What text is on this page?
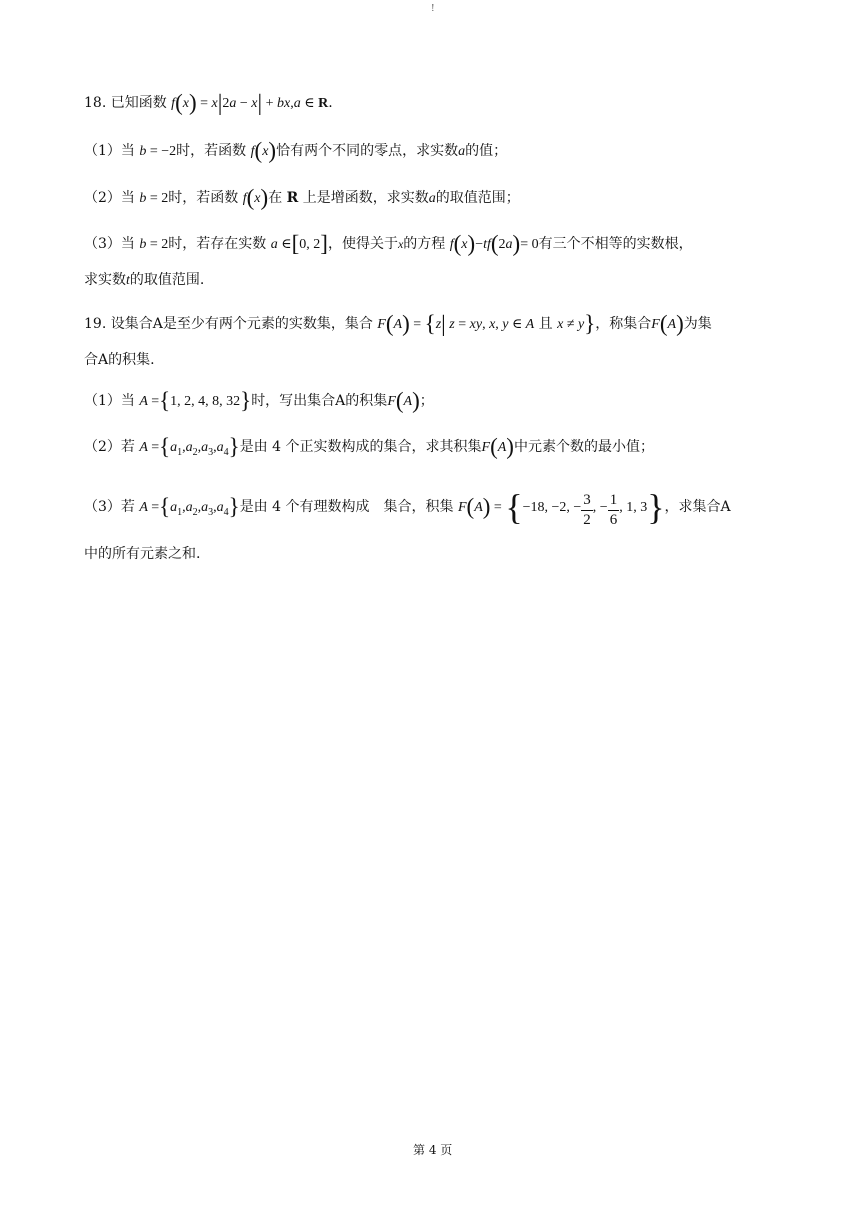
!
18. 已知函数 f(x) = x|2a − x| + bx,a ∈ R.
（1）当 b = −2时，若函数 f(x)恰有两个不同的零点，求实数a的值；
（2）当 b = 2时，若函数 f(x)在 R 上是增函数，求实数a的取值范围；
（3）当 b = 2时，若存在实数 a ∈[0, 2]，使得关于x的方程 f(x)−tf(2a)= 0有三个不相等的实数根，
求实数t的取值范围.
19. 设集合A是至少有两个元素的实数集，集合 F(A) = {z| z = xy, x, y ∈ A 且 x ≠ y}，称集合F(A)为集
合A的积集.
（1）当 A ={1, 2, 4, 8, 32}时，写出集合A的积集F(A)；
（2）若 $A =\{a_1,a_2,a_3,a_4\}$是由 4 个正实数构成的集合，求其积集F(A)中元素个数的最小值；
（3）若 $A =\{a_1,a_2,a_3,a_4\}$是由 4 个有理数构成　集合，积集 F(A) = {−18, −2, − $\frac{3}{2}$ , − $\frac{1}{6}$ , 1, 3}，求集合A
中的所有元素之和.
第 4 页
